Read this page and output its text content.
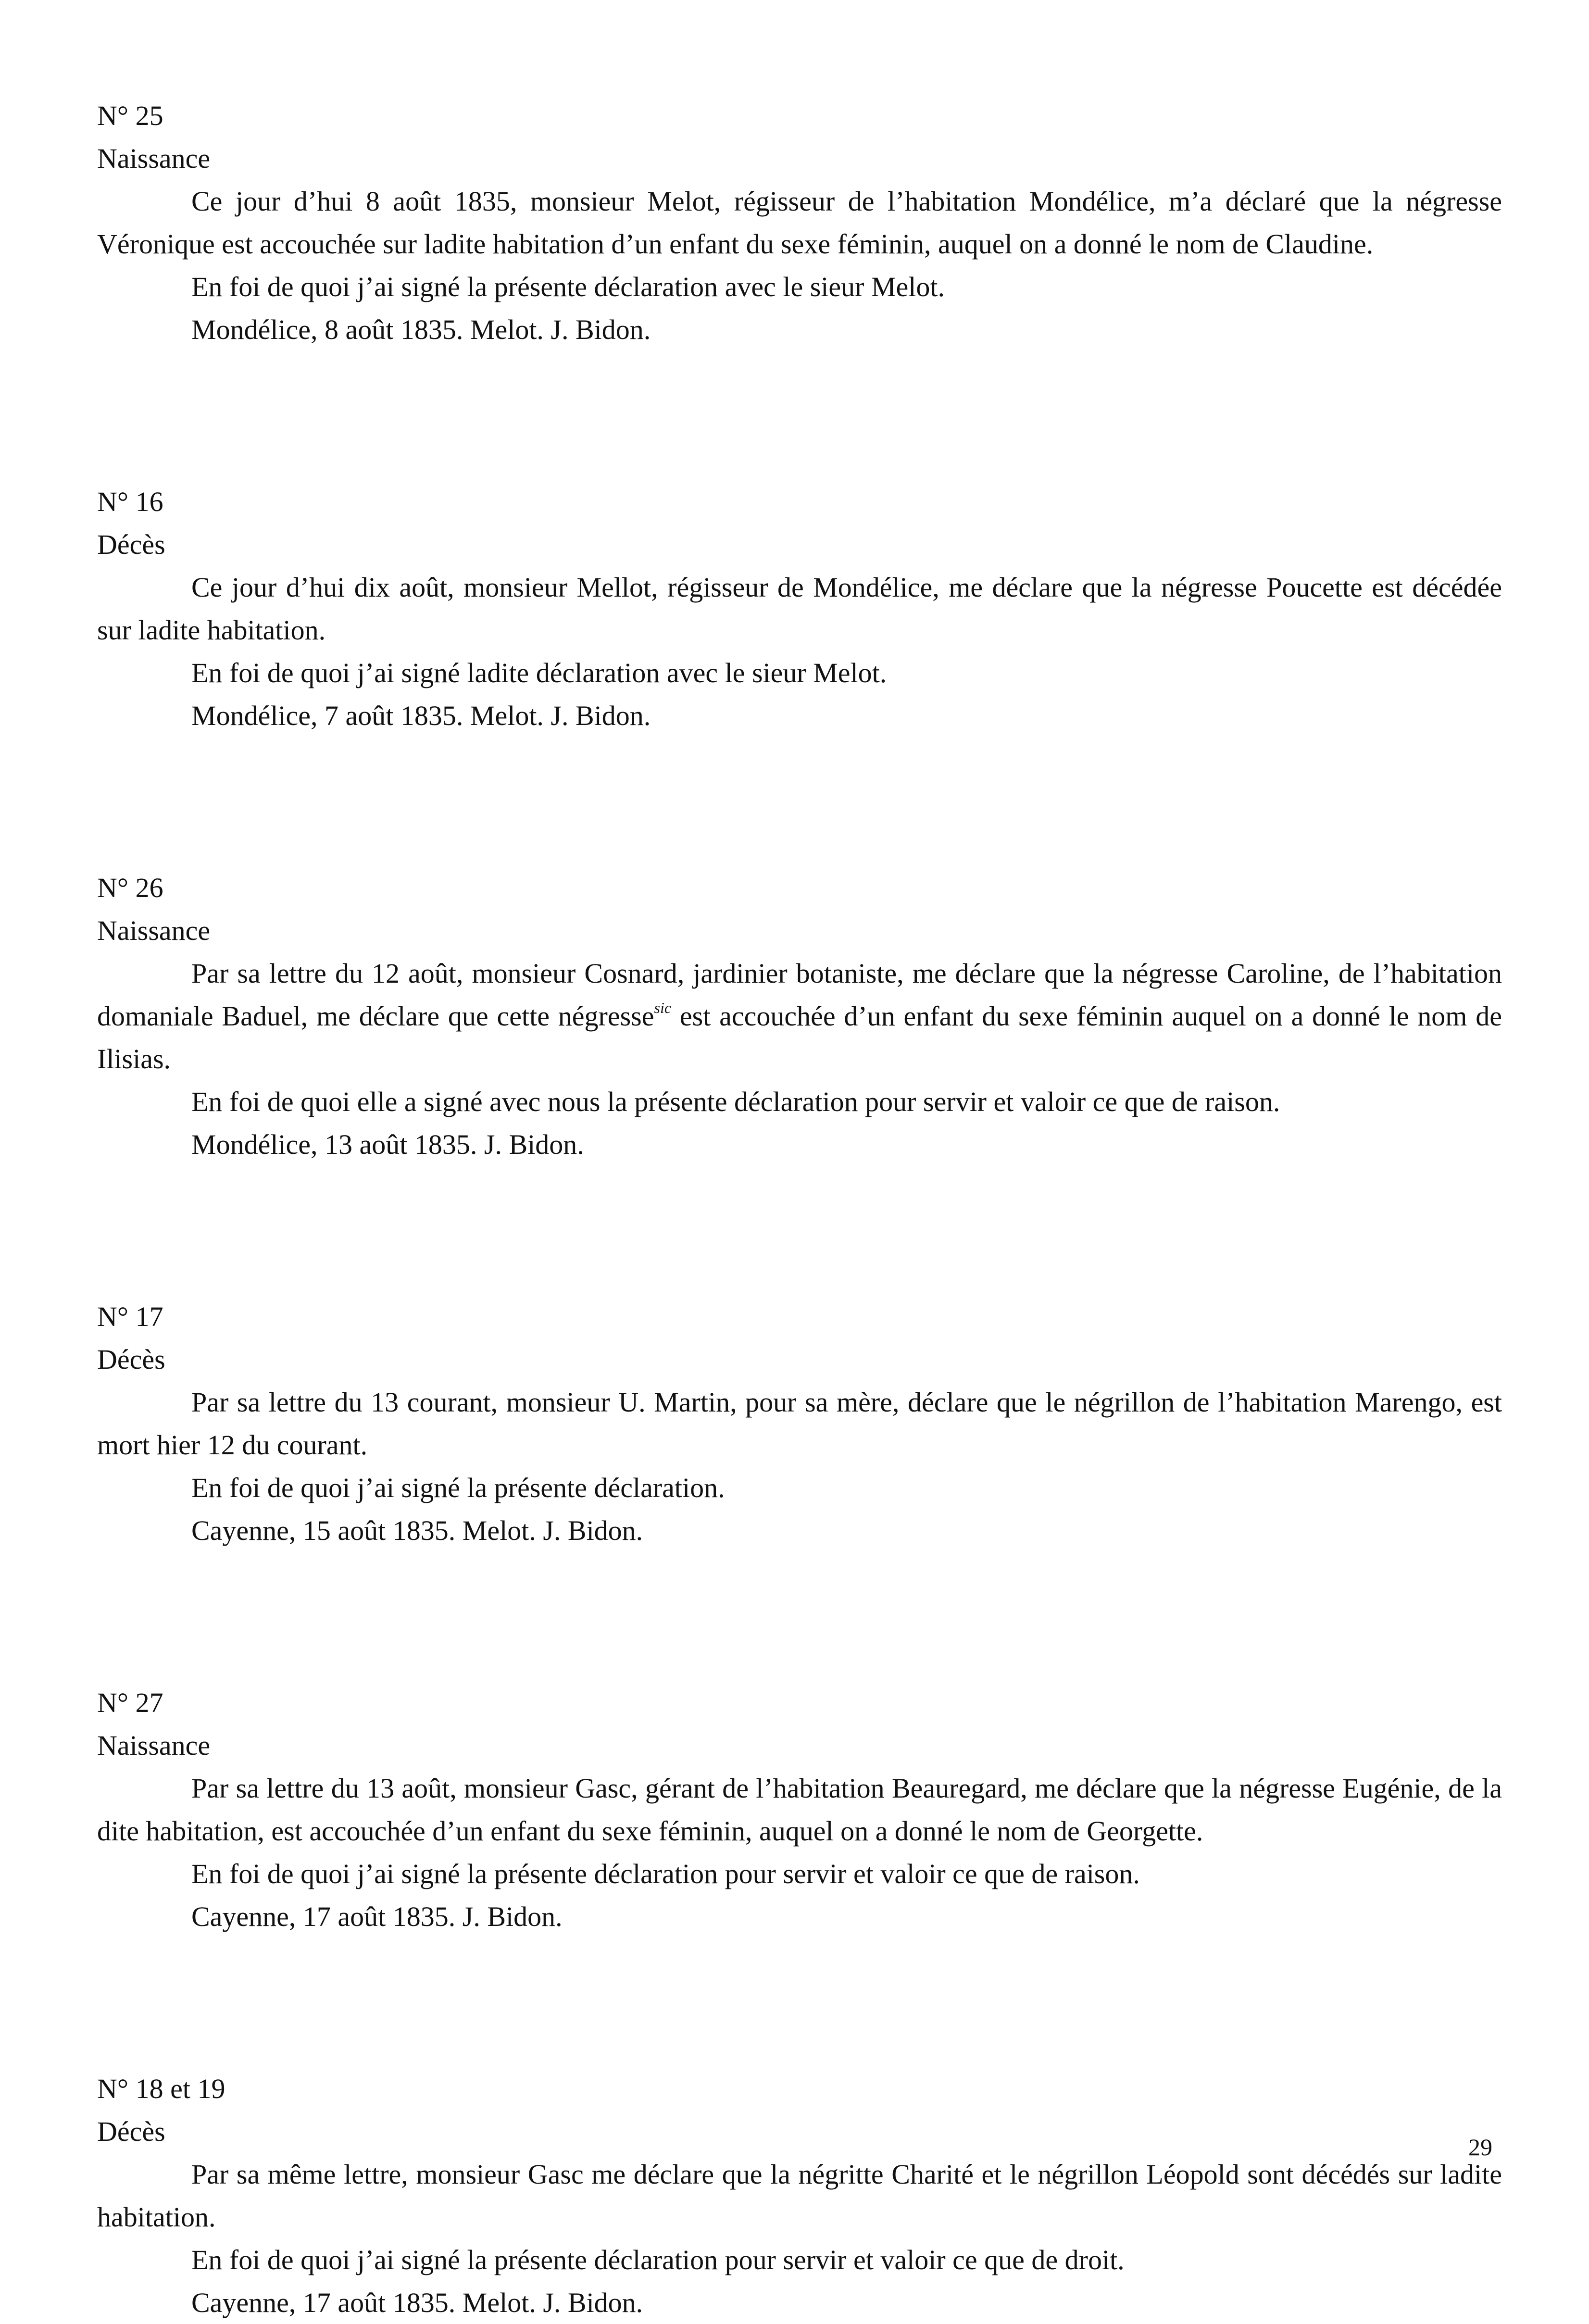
N° 25

Naissance

Ce jour d’hui 8 août 1835, monsieur Melot, régisseur de l’habitation Mondélice, m’a déclaré que la négresse Véronique est accouchée sur ladite habitation d’un enfant du sexe féminin, auquel on a donné le nom de Claudine.

En foi de quoi j’ai signé la présente déclaration avec le sieur Melot.

Mondélice, 8 août 1835. Melot. J. Bidon.

N° 16

Décès

Ce jour d’hui dix août, monsieur Mellot, régisseur de Mondélice, me déclare que la négresse Poucette est décédée sur ladite habitation.

En foi de quoi j’ai signé ladite déclaration avec le sieur Melot.

Mondélice, 7 août 1835. Melot. J. Bidon.

N° 26

Naissance

Par sa lettre du 12 août, monsieur Cosnard, jardinier botaniste, me déclare que la négresse Caroline, de l’habitation domaniale Baduel, me déclare que cette négresse$^{sic}$ est accouchée d’un enfant du sexe féminin auquel on a donné le nom de Ilisias.

En foi de quoi elle a signé avec nous la présente déclaration pour servir et valoir ce que de raison.

Mondélice, 13 août 1835. J. Bidon.

N° 17

Décès

Par sa lettre du 13 courant, monsieur U. Martin, pour sa mère, déclare que le négrillon de l’habitation Marengo, est mort hier 12 du courant.

En foi de quoi j’ai signé la présente déclaration.

Cayenne, 15 août 1835. Melot. J. Bidon.

N° 27

Naissance

Par sa lettre du 13 août, monsieur Gasc, gérant de l’habitation Beauregard, me déclare que la négresse Eugénie, de la dite habitation, est accouchée d’un enfant du sexe féminin, auquel on a donné le nom de Georgette.

En foi de quoi j’ai signé la présente déclaration pour servir et valoir ce que de raison.

Cayenne, 17 août 1835. J. Bidon.

N° 18 et 19

Décès

Par sa même lettre, monsieur Gasc me déclare que la négritte Charité et le négrillon Léopold sont décédés sur ladite habitation.

En foi de quoi j’ai signé la présente déclaration pour servir et valoir ce que de droit.

Cayenne, 17 août 1835. Melot. J. Bidon.

29
